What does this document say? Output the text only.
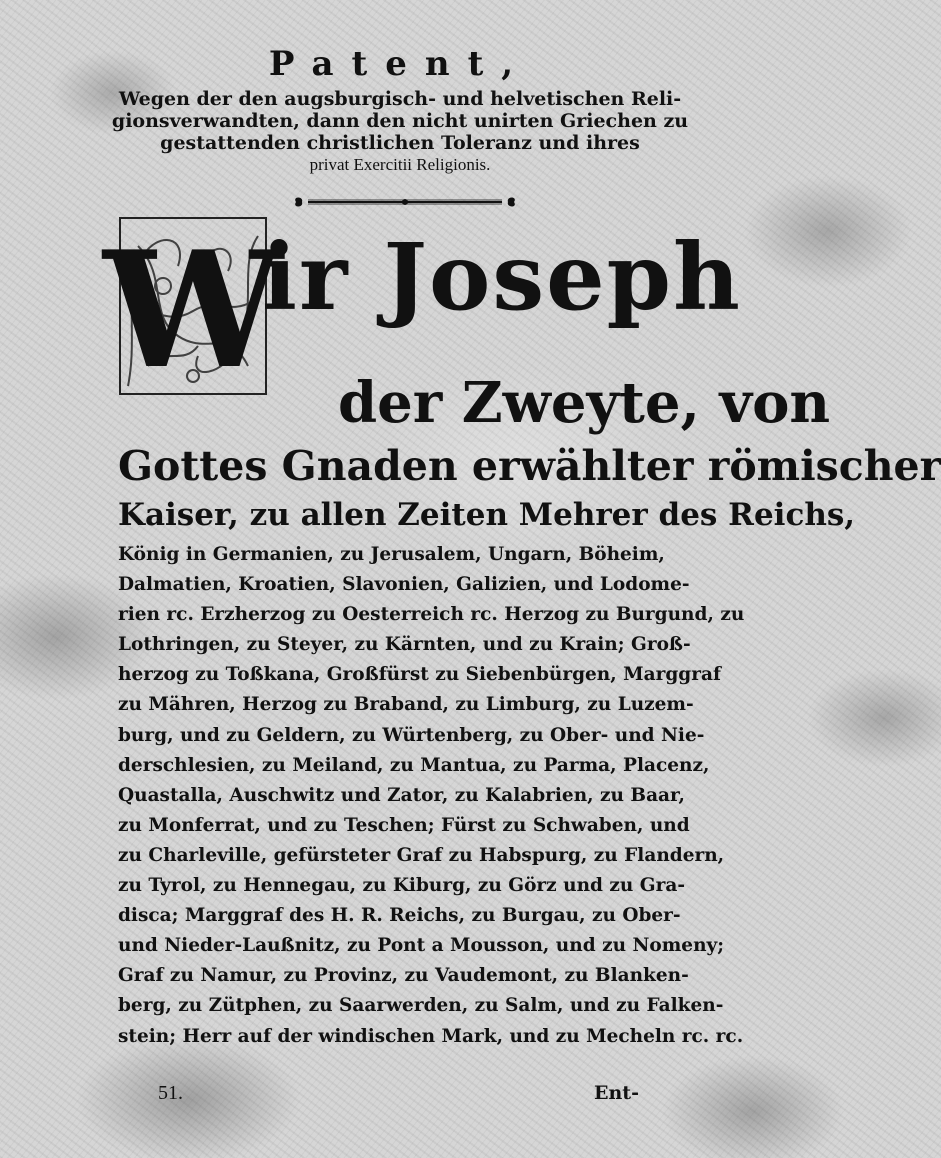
Patent,
Wegen der den augsburgisch- und helvetischen Reli-
gionsverwandten, dann den nicht unirten Griechen zu
gestattenden christlichen Toleranz und ihres
privat Exercitii Religionis.
W
ir Joseph
der Zweyte, von
Gottes Gnaden erwählter römischer
Kaiser, zu allen Zeiten Mehrer des Reichs,
König in Germanien, zu Jerusalem, Ungarn, Böheim,
Dalmatien, Kroatien, Slavonien, Galizien, und Lodome-
rien rc. Erzherzog zu Oesterreich rc. Herzog zu Burgund, zu
Lothringen, zu Steyer, zu Kärnten, und zu Krain; Groß-
herzog zu Toßkana, Großfürst zu Siebenbürgen, Marggraf
zu Mähren, Herzog zu Braband, zu Limburg, zu Luzem-
burg, und zu Geldern, zu Würtenberg, zu Ober- und Nie-
derschlesien, zu Meiland, zu Mantua, zu Parma, Placenz,
Quastalla, Auschwitz und Zator, zu Kalabrien, zu Baar,
zu Monferrat, und zu Teschen; Fürst zu Schwaben, und
zu Charleville, gefürsteter Graf zu Habspurg, zu Flandern,
zu Tyrol, zu Hennegau, zu Kiburg, zu Görz und zu Gra-
disca; Marggraf des H. R. Reichs, zu Burgau, zu Ober-
und Nieder-Laußnitz, zu Pont a Mousson, und zu Nomeny;
Graf zu Namur, zu Provinz, zu Vaudemont, zu Blanken-
berg, zu Zütphen, zu Saarwerden, zu Salm, und zu Falken-
stein; Herr auf der windischen Mark, und zu Mecheln rc. rc.
51.	Ent-
